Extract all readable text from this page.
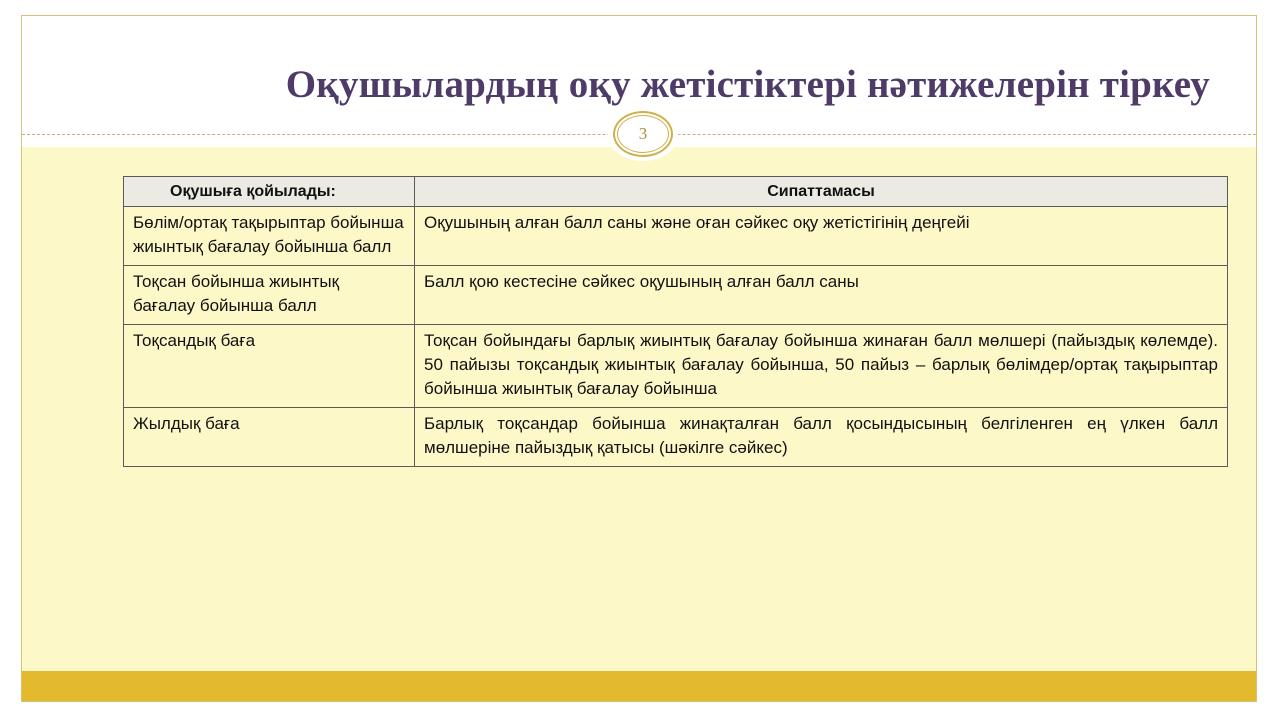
Оқушылардың оқу жетістіктері нәтижелерін тіркеу
3
Оқушыға қойылады:	Сипаттамасы
Бөлім/ортақ тақырыптар бойынша жиынтық бағалау бойынша балл	Оқушының алған балл саны және оған сәйкес оқу жетістігінің деңгейі
Тоқсан бойынша жиынтық бағалау бойынша балл	Балл қою кестесіне сәйкес оқушының алған балл саны
Тоқсандық баға	Тоқсан бойындағы барлық жиынтық бағалау бойынша жинаған балл мөлшері (пайыздық көлемде). 50 пайызы тоқсандық жиынтық бағалау бойынша, 50 пайыз – барлық бөлімдер/ортақ тақырыптар бойынша жиынтық бағалау бойынша
Жылдық баға	Барлық тоқсандар бойынша жинақталған балл қосындысының белгіленген ең үлкен балл мөлшеріне пайыздық қатысы (шәкілге сәйкес)
